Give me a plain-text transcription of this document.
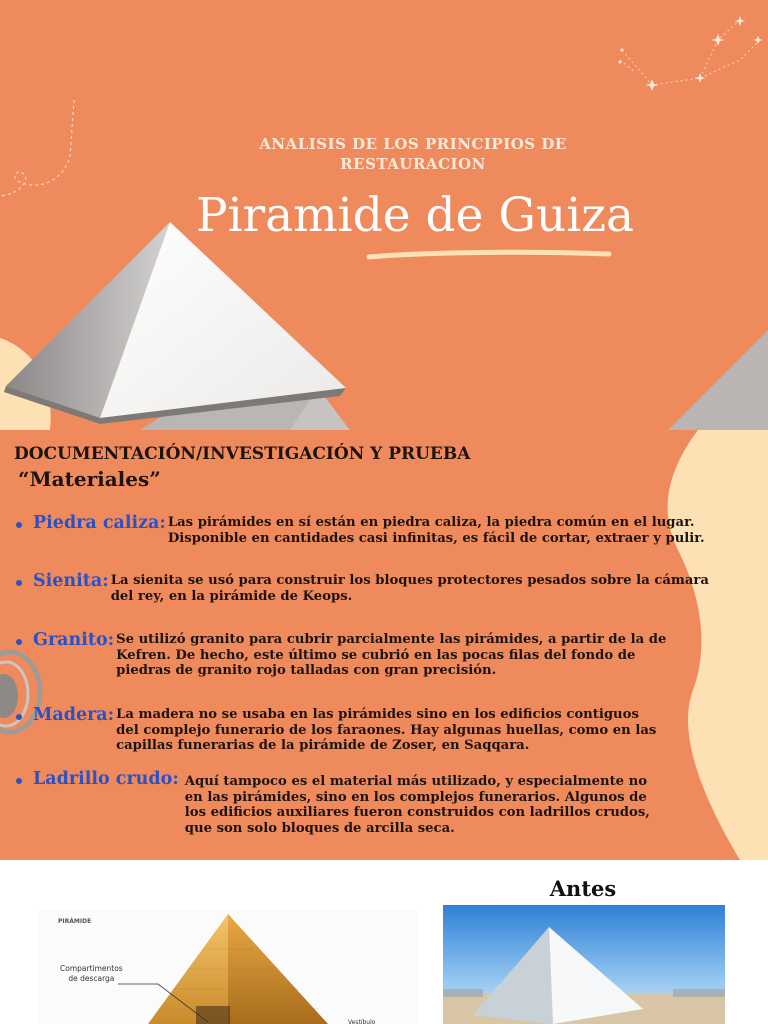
ANALISIS DE LOS PRINCIPIOS DE
RESTAURACION
Piramide de Guiza
DOCUMENTACIÓN/INVESTIGACIÓN Y PRUEBA
“Materiales”
Piedra caliza: Las pirámides en sí están en piedra caliza, la piedra común en el lugar.
Disponible en cantidades casi infinitas, es fácil de cortar, extraer y pulir.
Sienita: La sienita se usó para construir los bloques protectores pesados sobre la cámara
del rey, en la pirámide de Keops.
Granito: Se utilizó granito para cubrir parcialmente las pirámides, a partir de la de
Kefren. De hecho, este último se cubrió en las pocas filas del fondo de
piedras de granito rojo talladas con gran precisión.
Madera: La madera no se usaba en las pirámides sino en los edificios contiguos
del complejo funerario de los faraones. Hay algunas huellas, como en las
capillas funerarias de la pirámide de Zoser, en Saqqara.
Ladrillo crudo: Aquí tampoco es el material más utilizado, y especialmente no
en las pirámides, sino en los complejos funerarios. Algunos de
los edificios auxiliares fueron construidos con ladrillos crudos,
que son solo bloques de arcilla seca.
PIRÁMIDE
Compartimentos
de descarga
Vestíbulo
Antes
